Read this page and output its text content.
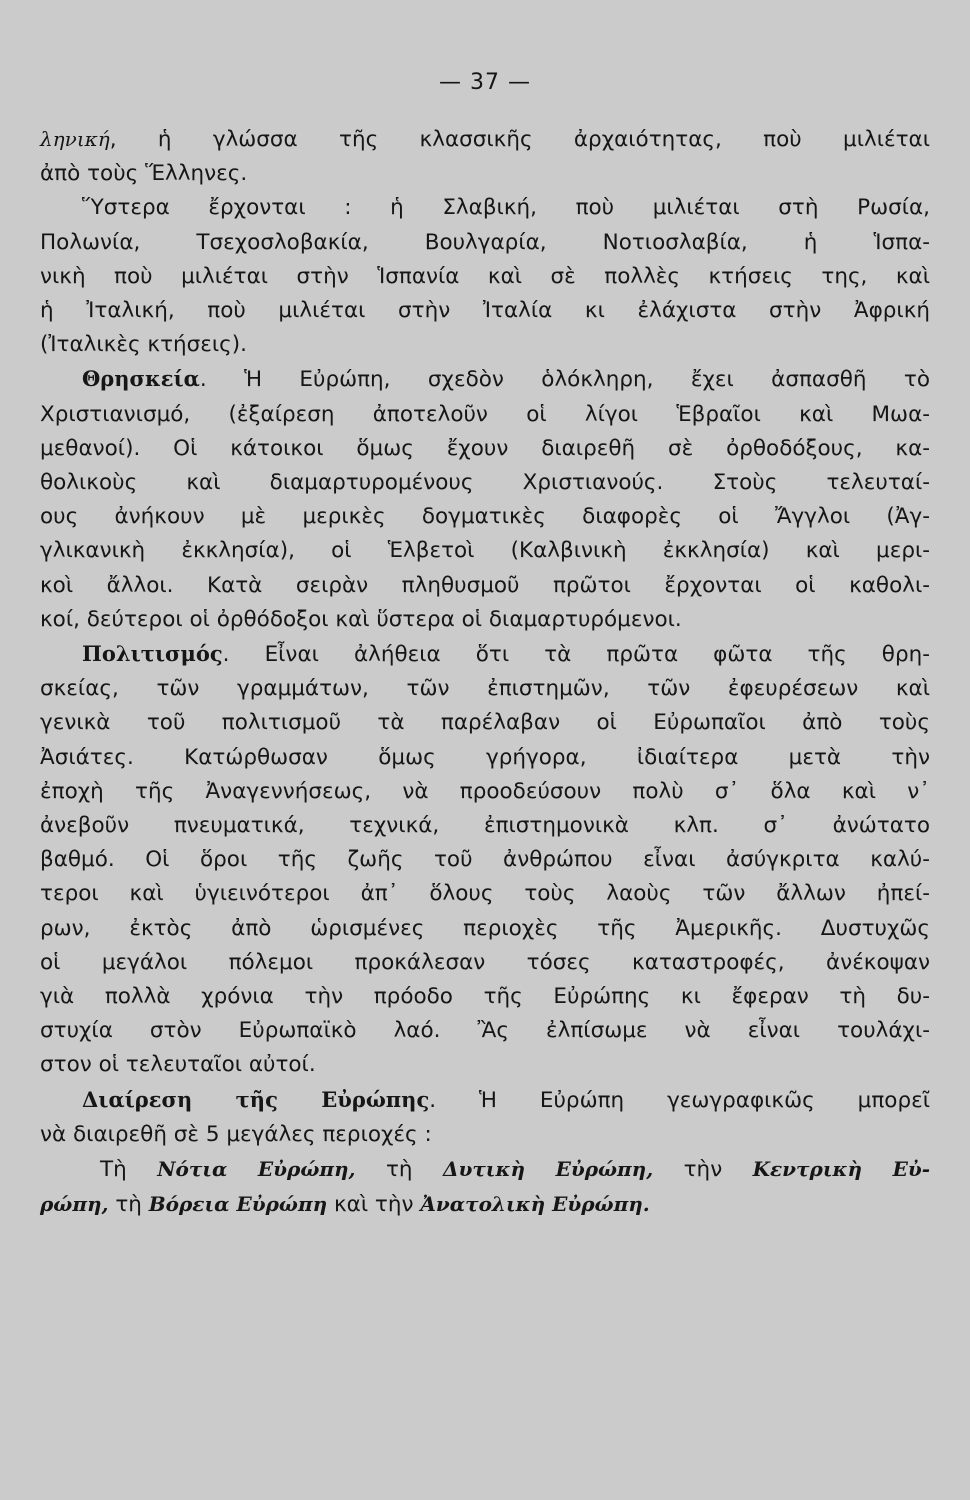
— 37 —
ληνική, ἡ γλώσσα τῆς κλασσικῆς ἀρχαιότητας, ποὺ μιλιέται
ἀπὸ τοὺς Ἕλληνες.
Ὕστερα ἔρχονται : ἡ Σλαβική, ποὺ μιλιέται στὴ Ρωσία,
Πολωνία, Τσεχοσλοβακία, Βουλγαρία, Νοτιοσλαβία, ἡ Ἱσπα-
νικὴ ποὺ μιλιέται στὴν Ἱσπανία καὶ σὲ πολλὲς κτήσεις της, καὶ
ἡ Ἰταλική, ποὺ μιλιέται στὴν Ἰταλία κι ἐλάχιστα στὴν Ἀφρική
(Ἰταλικὲς κτήσεις).
Θρησκεία. Ἡ Εὐρώπη, σχεδὸν ὁλόκληρη, ἔχει ἀσπασθῆ τὸ
Χριστιανισμό, (ἐξαίρεση ἀποτελοῦν οἱ λίγοι Ἑβραῖοι καὶ Μωα-
μεθανοί). Οἱ κάτοικοι ὅμως ἔχουν διαιρεθῆ σὲ ὀρθοδόξους, κα-
θολικοὺς καὶ διαμαρτυρομένους Χριστιανούς. Στοὺς τελευταί-
ους ἀνήκουν μὲ μερικὲς δογματικὲς διαφορὲς οἱ Ἄγγλοι (Ἀγ-
γλικανικὴ ἐκκλησία), οἱ Ἑλβετοὶ (Καλβινικὴ ἐκκλησία) καὶ μερι-
κοὶ ἄλλοι. Κατὰ σειρὰν πληθυσμοῦ πρῶτοι ἔρχονται οἱ καθολι-
κοί, δεύτεροι οἱ ὀρθόδοξοι καὶ ὕστερα οἱ διαμαρτυρόμενοι.
Πολιτισμός. Εἶναι ἀλήθεια ὅτι τὰ πρῶτα φῶτα τῆς θρη-
σκείας, τῶν γραμμάτων, τῶν ἐπιστημῶν, τῶν ἐφευρέσεων καὶ
γενικὰ τοῦ πολιτισμοῦ τὰ παρέλαβαν οἱ Εὐρωπαῖοι ἀπὸ τοὺς
Ἀσιάτες. Κατώρθωσαν ὅμως γρήγορα, ἰδιαίτερα μετὰ τὴν
ἐποχὴ τῆς Ἀναγεννήσεως, νὰ προοδεύσουν πολὺ σ᾽ ὅλα καὶ ν᾽
ἀνεβοῦν πνευματικά, τεχνικά, ἐπιστημονικὰ κλπ. σ᾽ ἀνώτατο
βαθμό. Οἱ ὅροι τῆς ζωῆς τοῦ ἀνθρώπου εἶναι ἀσύγκριτα καλύ-
τεροι καὶ ὑγιεινότεροι ἀπ᾽ ὅλους τοὺς λαοὺς τῶν ἄλλων ἠπεί-
ρων, ἐκτὸς ἀπὸ ὡρισμένες περιοχὲς τῆς Ἀμερικῆς. Δυστυχῶς
οἱ μεγάλοι πόλεμοι προκάλεσαν τόσες καταστροφές, ἀνέκοψαν
γιὰ πολλὰ χρόνια τὴν πρόοδο τῆς Εὐρώπης κι ἔφεραν τὴ δυ-
στυχία στὸν Εὐρωπαϊκὸ λαό. Ἂς ἐλπίσωμε νὰ εἶναι τουλάχι-
στον οἱ τελευταῖοι αὐτοί.
Διαίρεση τῆς Εὐρώπης. Ἡ Εὐρώπη γεωγραφικῶς μπορεῖ
νὰ διαιρεθῆ σὲ 5 μεγάλες περιοχές :
Τὴ Νότια Εὐρώπη, τὴ Δυτικὴ Εὐρώπη, τὴν Κεντρικὴ Εὐ-
ρώπη, τὴ Βόρεια Εὐρώπη καὶ τὴν Ἀνατολικὴ Εὐρώπη.
